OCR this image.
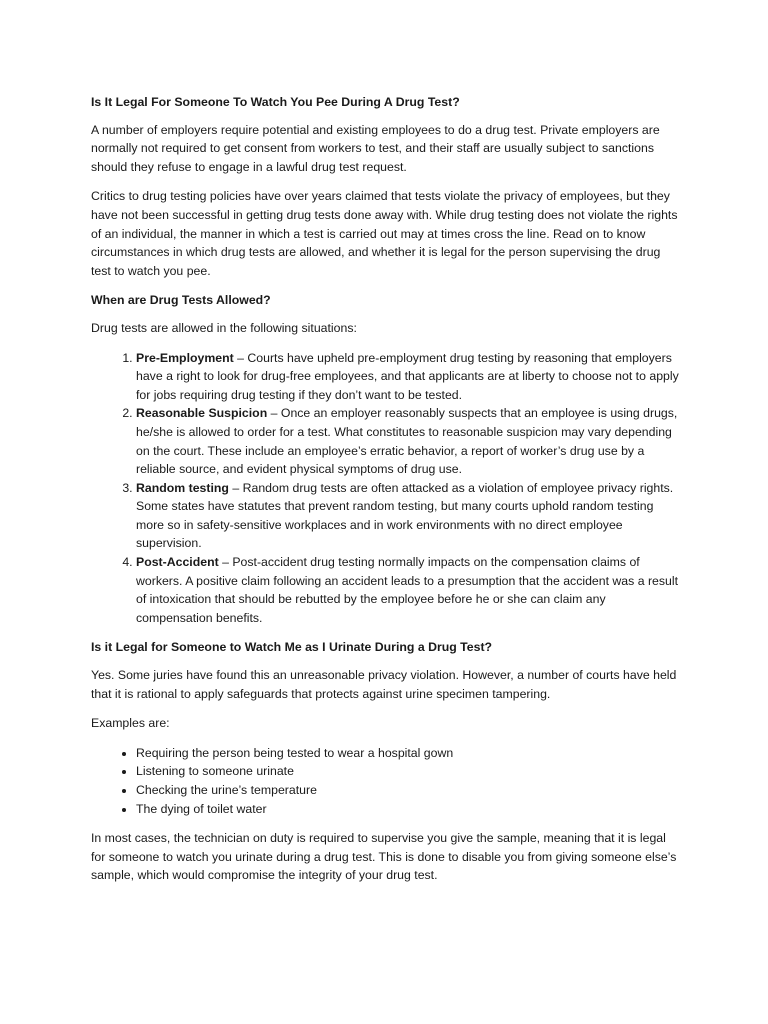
Is It Legal For Someone To Watch You Pee During A Drug Test?

A number of employers require potential and existing employees to do a drug test. Private employers are normally not required to get consent from workers to test, and their staff are usually subject to sanctions should they refuse to engage in a lawful drug test request.

Critics to drug testing policies have over years claimed that tests violate the privacy of employees, but they have not been successful in getting drug tests done away with. While drug testing does not violate the rights of an individual, the manner in which a test is carried out may at times cross the line. Read on to know circumstances in which drug tests are allowed, and whether it is legal for the person supervising the drug test to watch you pee.

When are Drug Tests Allowed?

Drug tests are allowed in the following situations:

1. Pre-Employment – Courts have upheld pre-employment drug testing by reasoning that employers have a right to look for drug-free employees, and that applicants are at liberty to choose not to apply for jobs requiring drug testing if they don’t want to be tested.
2. Reasonable Suspicion – Once an employer reasonably suspects that an employee is using drugs, he/she is allowed to order for a test. What constitutes to reasonable suspicion may vary depending on the court. These include an employee’s erratic behavior, a report of worker’s drug use by a reliable source, and evident physical symptoms of drug use.
3. Random testing – Random drug tests are often attacked as a violation of employee privacy rights. Some states have statutes that prevent random testing, but many courts uphold random testing more so in safety-sensitive workplaces and in work environments with no direct employee supervision.
4. Post-Accident – Post-accident drug testing normally impacts on the compensation claims of workers. A positive claim following an accident leads to a presumption that the accident was a result of intoxication that should be rebutted by the employee before he or she can claim any compensation benefits.
Is it Legal for Someone to Watch Me as I Urinate During a Drug Test?

Yes. Some juries have found this an unreasonable privacy violation. However, a number of courts have held that it is rational to apply safeguards that protects against urine specimen tampering.

Examples are:

• Requiring the person being tested to wear a hospital gown
• Listening to someone urinate
• Checking the urine’s temperature
• The dying of toilet water

In most cases, the technician on duty is required to supervise you give the sample, meaning that it is legal for someone to watch you urinate during a drug test. This is done to disable you from giving someone else’s sample, which would compromise the integrity of your drug test.
